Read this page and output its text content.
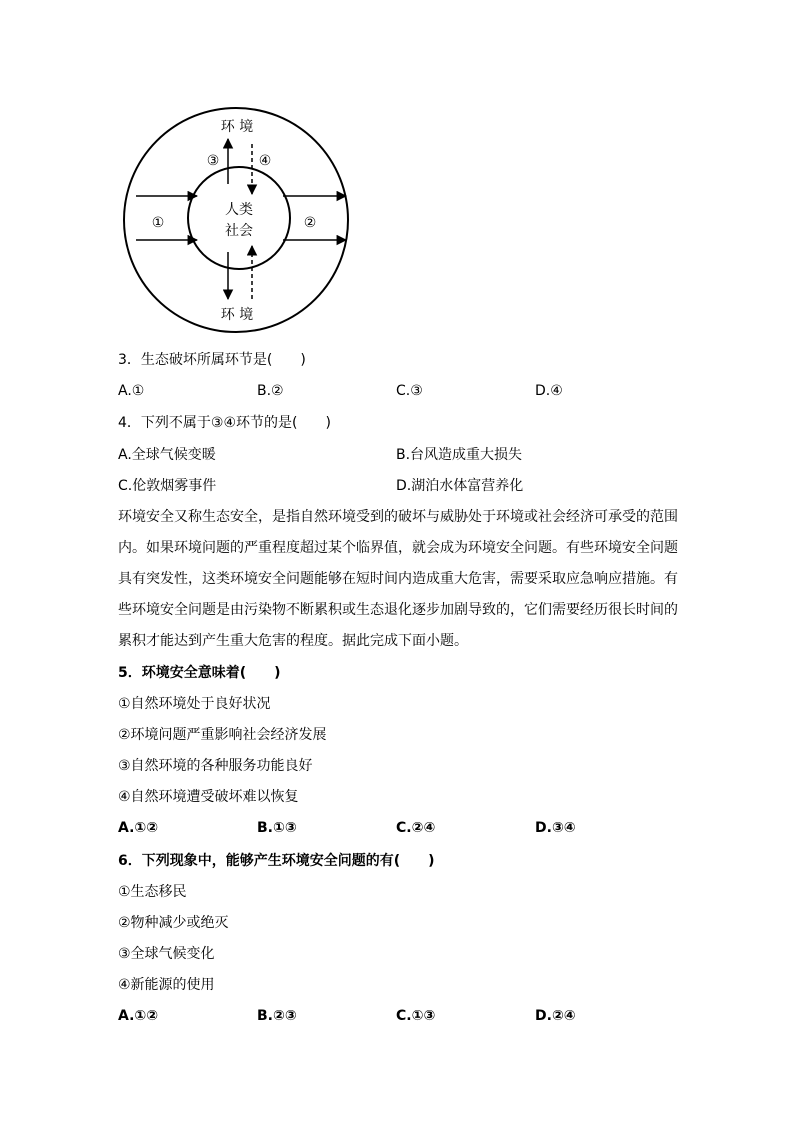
环 境
环 境
人类
社会
①	②
③	④
3．生态破坏所属环节是(　　)
A.①	B.②	C.③	D.④
4．下列不属于③④环节的是(　　)
A.全球气候变暖	B.台风造成重大损失
C.伦敦烟雾事件	D.湖泊水体富营养化
环境安全又称生态安全，是指自然环境受到的破坏与威胁处于环境或社会经济可承受的范围内。如果环境问题的严重程度超过某个临界值，就会成为环境安全问题。有些环境安全问题具有突发性，这类环境安全问题能够在短时间内造成重大危害，需要采取应急响应措施。有些环境安全问题是由污染物不断累积或生态退化逐步加剧导致的，它们需要经历很长时间的累积才能达到产生重大危害的程度。据此完成下面小题。
5．环境安全意味着(　　)
①自然环境处于良好状况
②环境问题严重影响社会经济发展
③自然环境的各种服务功能良好
④自然环境遭受破坏难以恢复
A.①②	B.①③	C.②④	D.③④
6．下列现象中，能够产生环境安全问题的有(　　)
②物种减少或绝灭
①生态移民
③全球气候变化
④新能源的使用
A.①②	B.②③	C.①③	D.②④
